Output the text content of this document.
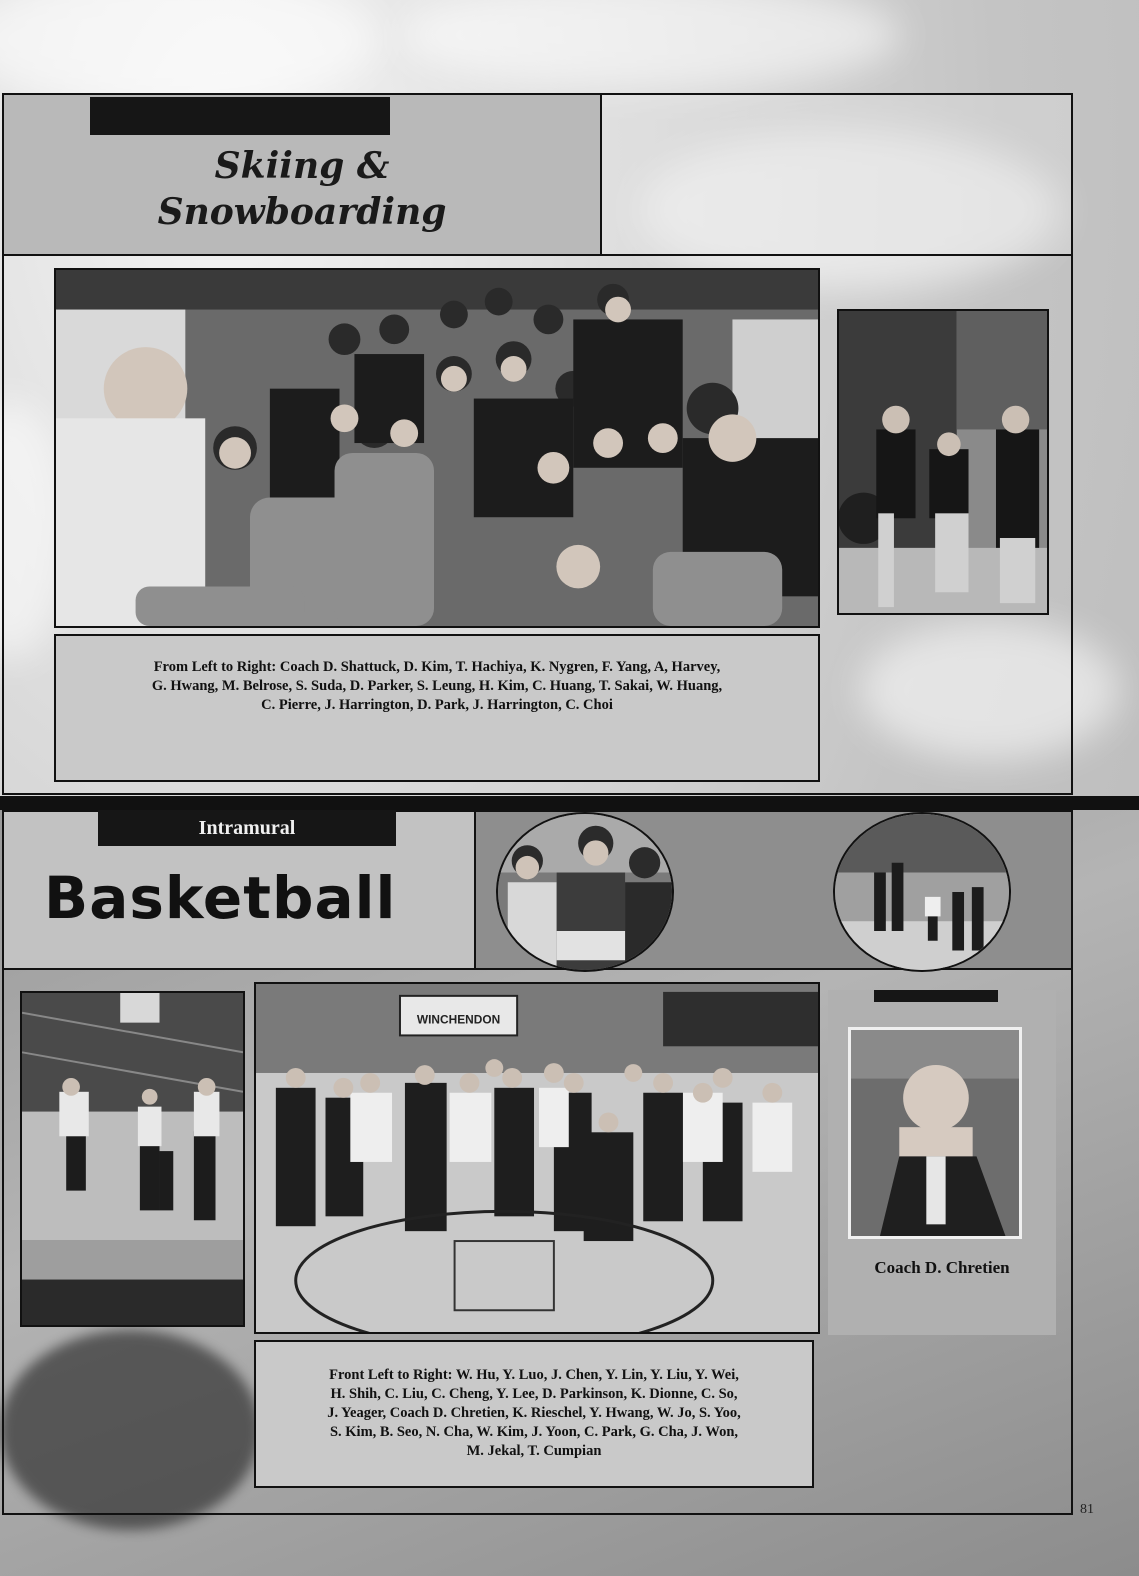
Skiing &
Snowboarding

From Left to Right: Coach D. Shattuck, D. Kim, T. Hachiya, K. Nygren, F. Yang, A, Harvey,

G. Hwang, M. Belrose, S. Suda, D. Parker, S. Leung, H. Kim, C. Huang, T. Sakai, W. Huang,

C. Pierre, J. Harrington, D. Park, J. Harrington, C. Choi

Intramural
Basketball
WINCHENDON
Coach D. Chretien

Front Left to Right: W. Hu, Y. Luo, J. Chen, Y. Lin, Y. Liu, Y. Wei,

H. Shih, C. Liu, C. Cheng, Y. Lee, D. Parkinson, K. Dionne, C. So,

J. Yeager, Coach D. Chretien, K. Rieschel, Y. Hwang, W. Jo, S. Yoo,

S. Kim, B. Seo, N. Cha, W. Kim, J. Yoon, C. Park, G. Cha, J. Won,

M. Jekal, T. Cumpian

81
